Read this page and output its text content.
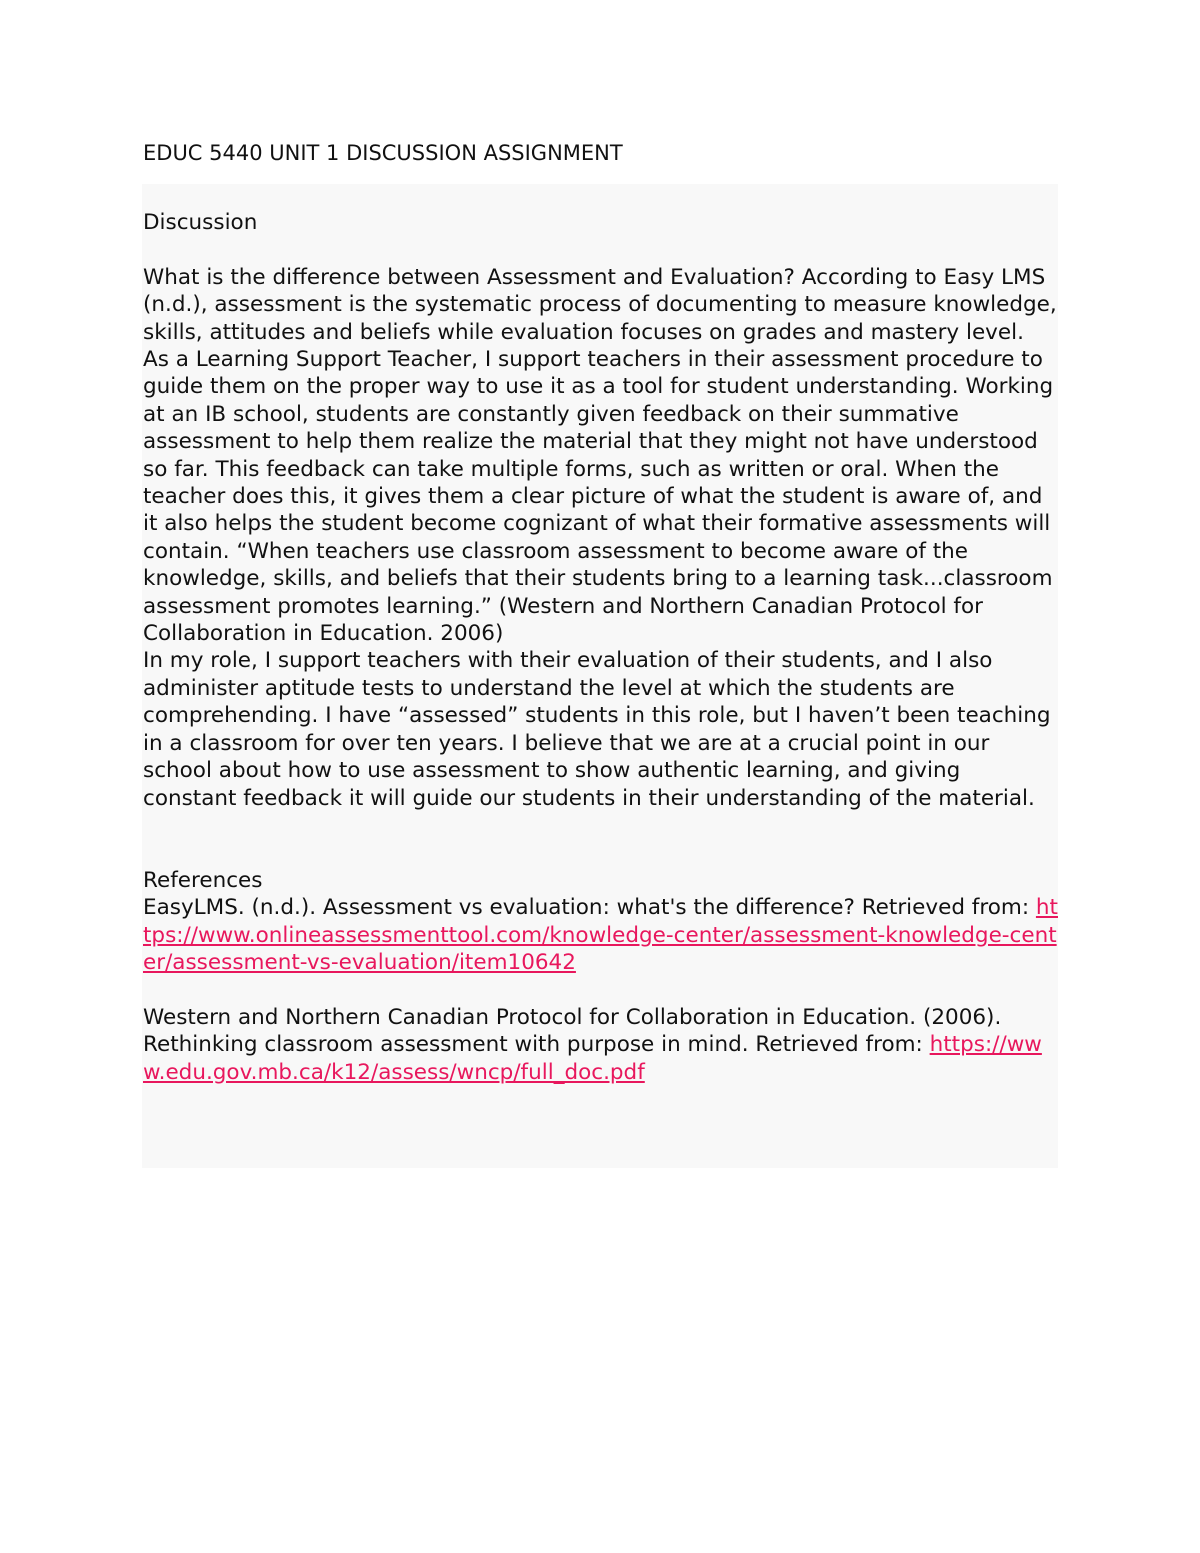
EDUC 5440 UNIT 1 DISCUSSION ASSIGNMENT

Discussion

What is the difference between Assessment and Evaluation? According to Easy LMS (n.d.), assessment is the systematic process of documenting to measure knowledge, skills, attitudes and beliefs while evaluation focuses on grades and mastery level.

As a Learning Support Teacher, I support teachers in their assessment procedure to guide them on the proper way to use it as a tool for student understanding. Working at an IB school, students are constantly given feedback on their summative assessment to help them realize the material that they might not have understood so far. This feedback can take multiple forms, such as written or oral. When the teacher does this, it gives them a clear picture of what the student is aware of, and it also helps the student become cognizant of what their formative assessments will contain. “When teachers use classroom assessment to become aware of the knowledge, skills, and beliefs that their students bring to a learning task...classroom assessment promotes learning.” (Western and Northern Canadian Protocol for Collaboration in Education. 2006)

In my role, I support teachers with their evaluation of their students, and I also administer aptitude tests to understand the level at which the students are comprehending. I have “assessed” students in this role, but I haven’t been teaching in a classroom for over ten years. I believe that we are at a crucial point in our school about how to use assessment to show authentic learning, and giving constant feedback it will guide our students in their understanding of the material.

References

EasyLMS. (n.d.). Assessment vs evaluation: what's the difference? Retrieved from: https://www.onlineassessmenttool.com/knowledge-center/assessment-knowledge-center/assessment-vs-evaluation/item10642

Western and Northern Canadian Protocol for Collaboration in Education. (2006). Rethinking classroom assessment with purpose in mind. Retrieved from: https://www.edu.gov.mb.ca/k12/assess/wncp/full_doc.pdf
